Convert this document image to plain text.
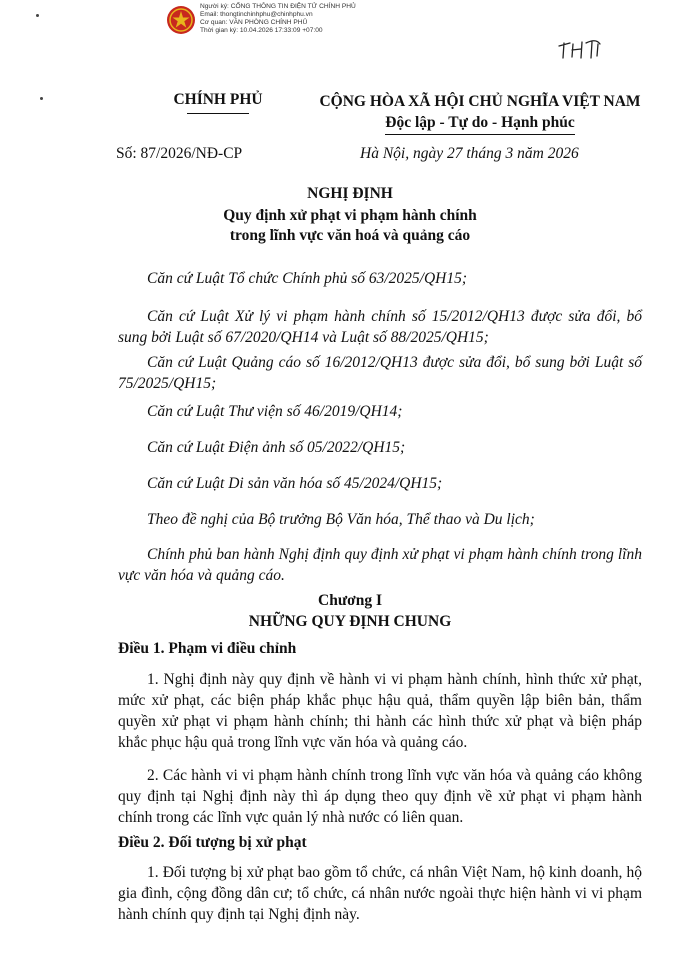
Người ký: CỔNG THÔNG TIN ĐIỆN TỬ CHÍNH PHỦ
Email: thongtinchinhphu@chinhphu.vn
Cơ quan: VĂN PHÒNG CHÍNH PHỦ
Thời gian ký: 10.04.2026 17:33:09 +07:00
CHÍNH PHỦ	CỘNG HÒA XÃ HỘI CHỦ NGHĨA VIỆT NAM
Độc lập - Tự do - Hạnh phúc
Số: 87/2026/NĐ-CP	Hà Nội, ngày 27 tháng 3 năm 2026
NGHỊ ĐỊNH
Quy định xử phạt vi phạm hành chính
trong lĩnh vực văn hoá và quảng cáo
Căn cứ Luật Tổ chức Chính phủ số 63/2025/QH15;
Căn cứ Luật Xử lý vi phạm hành chính số 15/2012/QH13 được sửa đổi, bổ sung bởi Luật số 67/2020/QH14 và Luật số 88/2025/QH15;
Căn cứ Luật Quảng cáo số 16/2012/QH13 được sửa đổi, bổ sung bởi Luật số 75/2025/QH15;
Căn cứ Luật Thư viện số 46/2019/QH14;
Căn cứ Luật Điện ảnh số 05/2022/QH15;
Căn cứ Luật Di sản văn hóa số 45/2024/QH15;
Theo đề nghị của Bộ trưởng Bộ Văn hóa, Thể thao và Du lịch;
Chính phủ ban hành Nghị định quy định xử phạt vi phạm hành chính trong lĩnh vực văn hóa và quảng cáo.
Chương I
NHỮNG QUY ĐỊNH CHUNG
Điều 1. Phạm vi điều chỉnh
1. Nghị định này quy định về hành vi vi phạm hành chính, hình thức xử phạt, mức xử phạt, các biện pháp khắc phục hậu quả, thẩm quyền lập biên bản, thẩm quyền xử phạt vi phạm hành chính; thi hành các hình thức xử phạt và biện pháp khắc phục hậu quả trong lĩnh vực văn hóa và quảng cáo.
2. Các hành vi vi phạm hành chính trong lĩnh vực văn hóa và quảng cáo không quy định tại Nghị định này thì áp dụng theo quy định về xử phạt vi phạm hành chính trong các lĩnh vực quản lý nhà nước có liên quan.
Điều 2. Đối tượng bị xử phạt
1. Đối tượng bị xử phạt bao gồm tổ chức, cá nhân Việt Nam, hộ kinh doanh, hộ gia đình, cộng đồng dân cư; tổ chức, cá nhân nước ngoài thực hiện hành vi vi phạm hành chính quy định tại Nghị định này.
